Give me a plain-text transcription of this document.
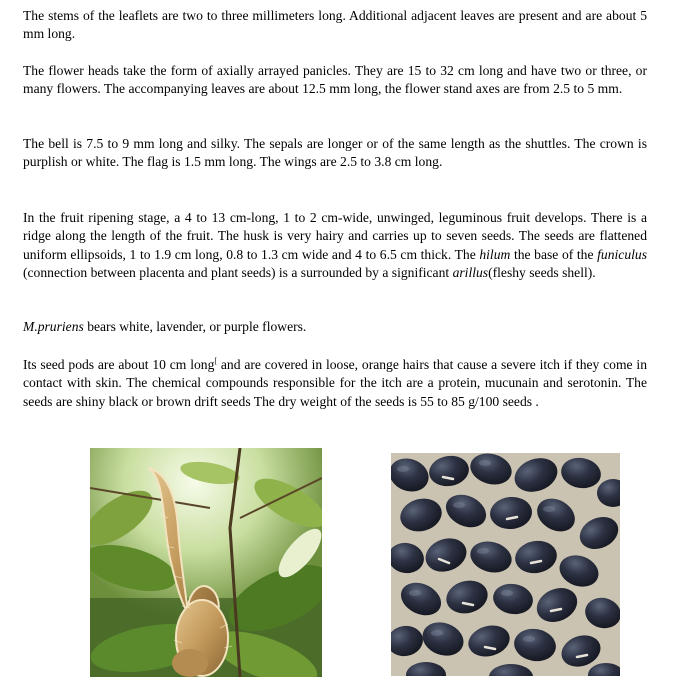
The stems of the leaflets are two to three millimeters long. Additional adjacent leaves are present and are about 5 mm long.

The flower heads take the form of axially arrayed panicles. They are 15 to 32 cm long and have two or three, or many flowers. The accompanying leaves are about 12.5 mm long, the flower stand axes are from 2.5 to 5 mm.

The bell is 7.5 to 9 mm long and silky. The sepals are longer or of the same length as the shuttles. The crown is purplish or white. The flag is 1.5 mm long. The wings are 2.5 to 3.8 cm long.

In the fruit ripening stage, a 4 to 13 cm-long, 1 to 2 cm-wide, unwinged, leguminous fruit develops. There is a ridge along the length of the fruit. The husk is very hairy and carries up to seven seeds. The seeds are flattened uniform ellipsoids, 1 to 1.9 cm long, 0.8 to 1.3 cm wide and 4 to 6.5 cm thick. The hilum the base of the funiculus (connection between placenta and plant seeds) is a surrounded by a significant arillus(fleshy seeds shell).

M.pruriens bears white, lavender, or purple flowers.

Its seed pods are about 10 cm long[ and are covered in loose, orange hairs that cause a severe itch if they come in contact with skin. The chemical compounds responsible for the itch are a protein, mucunain and serotonin. The seeds are shiny black or brown drift seeds The dry weight of the seeds is 55 to 85 g/100 seeds .
